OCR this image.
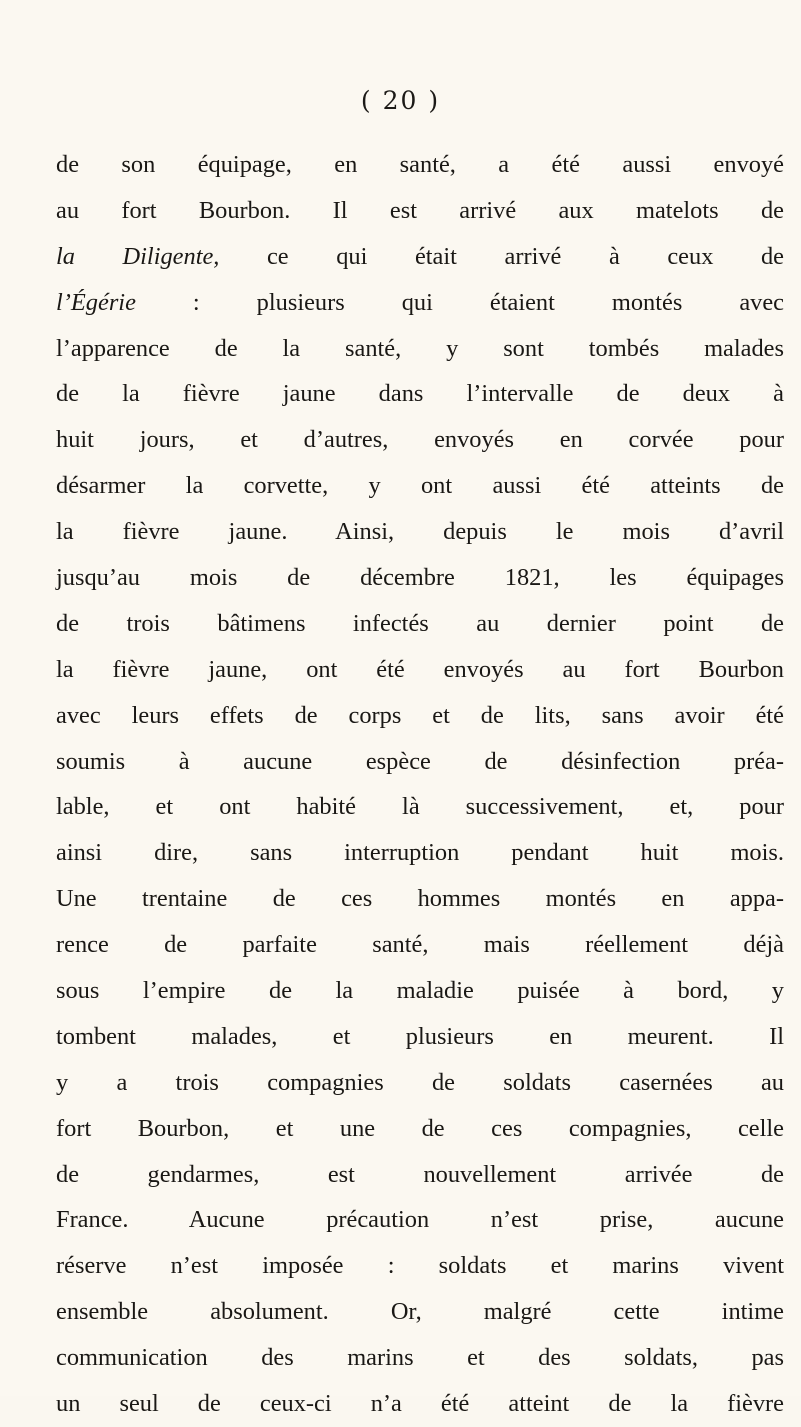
( 20 )
de son équipage, en santé, a été aussi envoyé
au fort Bourbon. Il est arrivé aux matelots de
la Diligente, ce qui était arrivé à ceux de
l’Égérie : plusieurs qui étaient montés avec
l’apparence de la santé, y sont tombés malades
de la fièvre jaune dans l’intervalle de deux à
huit jours, et d’autres, envoyés en corvée pour
désarmer la corvette, y ont aussi été atteints de
la fièvre jaune. Ainsi, depuis le mois d’avril
jusqu’au mois de décembre 1821, les équipages
de trois bâtimens infectés au dernier point de
la fièvre jaune, ont été envoyés au fort Bourbon
avec leurs effets de corps et de lits, sans avoir été
soumis à aucune espèce de désinfection préa-
lable, et ont habité là successivement, et, pour
ainsi dire, sans interruption pendant huit mois.
Une trentaine de ces hommes montés en appa-
rence de parfaite santé, mais réellement déjà
sous l’empire de la maladie puisée à bord, y
tombent malades, et plusieurs en meurent. Il
y a trois compagnies de soldats casernées au
fort Bourbon, et une de ces compagnies, celle
de gendarmes, est nouvellement arrivée de
France. Aucune précaution n’est prise, aucune
réserve n’est imposée : soldats et marins vivent
ensemble absolument. Or, malgré cette intime
communication des marins et des soldats, pas
un seul de ceux-ci n’a été atteint de la fièvre
